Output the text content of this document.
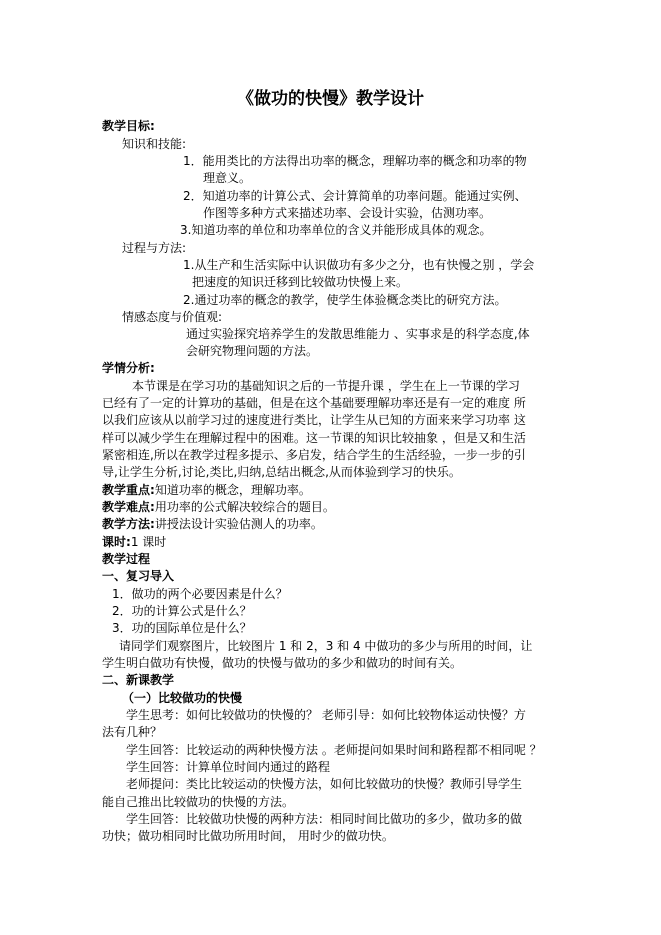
《做功的快慢》教学设计
教学目标:
知识和技能:
1．能用类比的方法得出功率的概念，理解功率的概念和功率的物
理意义。
2．知道功率的计算公式、会计算简单的功率问题。能通过实例、
作图等多种方式来描述功率、会设计实验，估测功率。
3.知道功率的单位和功率单位的含义并能形成具体的观念。
过程与方法:
1.从生产和生活实际中认识做功有多少之分，也有快慢之别 ，学会
把速度的知识迁移到比较做功快慢上来。
2.通过功率的概念的教学，使学生体验概念类比的研究方法。
情感态度与价值观:
通过实验探究培养学生的发散思维能力 、实事求是的科学态度,体
会研究物理问题的方法。
学情分析:
本节课是在学习功的基础知识之后的一节提升课 ，学生在上一节课的学习
已经有了一定的计算功的基础，但是在这个基础要理解功率还是有一定的难度 所
以我们应该从以前学习过的速度进行类比，让学生从已知的方面来来学习功率 这
样可以减少学生在理解过程中的困难。这一节课的知识比较抽象 ，但是又和生活
紧密相连,所以在教学过程多提示、多启发，结合学生的生活经验，一步一步的引
导,让学生分析,讨论,类比,归纳,总结出概念,从而体验到学习的快乐。
教学重点:知道功率的概念，理解功率。
教学难点:用功率的公式解决较综合的题目。
教学方法:讲授法设计实验估测人的功率。
课时:1 课时
教学过程
一、复习导入
1．做功的两个必要因素是什么？
2．功的计算公式是什么？
3．功的国际单位是什么？
请同学们观察图片，比较图片 1 和 2，3 和 4 中做功的多少与所用的时间，让
学生明白做功有快慢，做功的快慢与做功的多少和做功的时间有关。
二、新课教学
（一）比较做功的快慢
学生思考：如何比较做功的快慢的？ 老师引导：如何比较物体运动快慢？方
法有几种？
学生回答：比较运动的两种快慢方法 。老师提问如果时间和路程都不相同呢 ？
学生回答：计算单位时间内通过的路程
老师提问：类比比较运动的快慢方法，如何比较做功的快慢？教师引导学生
能自己推出比较做功的快慢的方法。
学生回答：比较做功快慢的两种方法：相同时间比做功的多少，做功多的做
功快；做功相同时比做功所用时间， 用时少的做功快。
